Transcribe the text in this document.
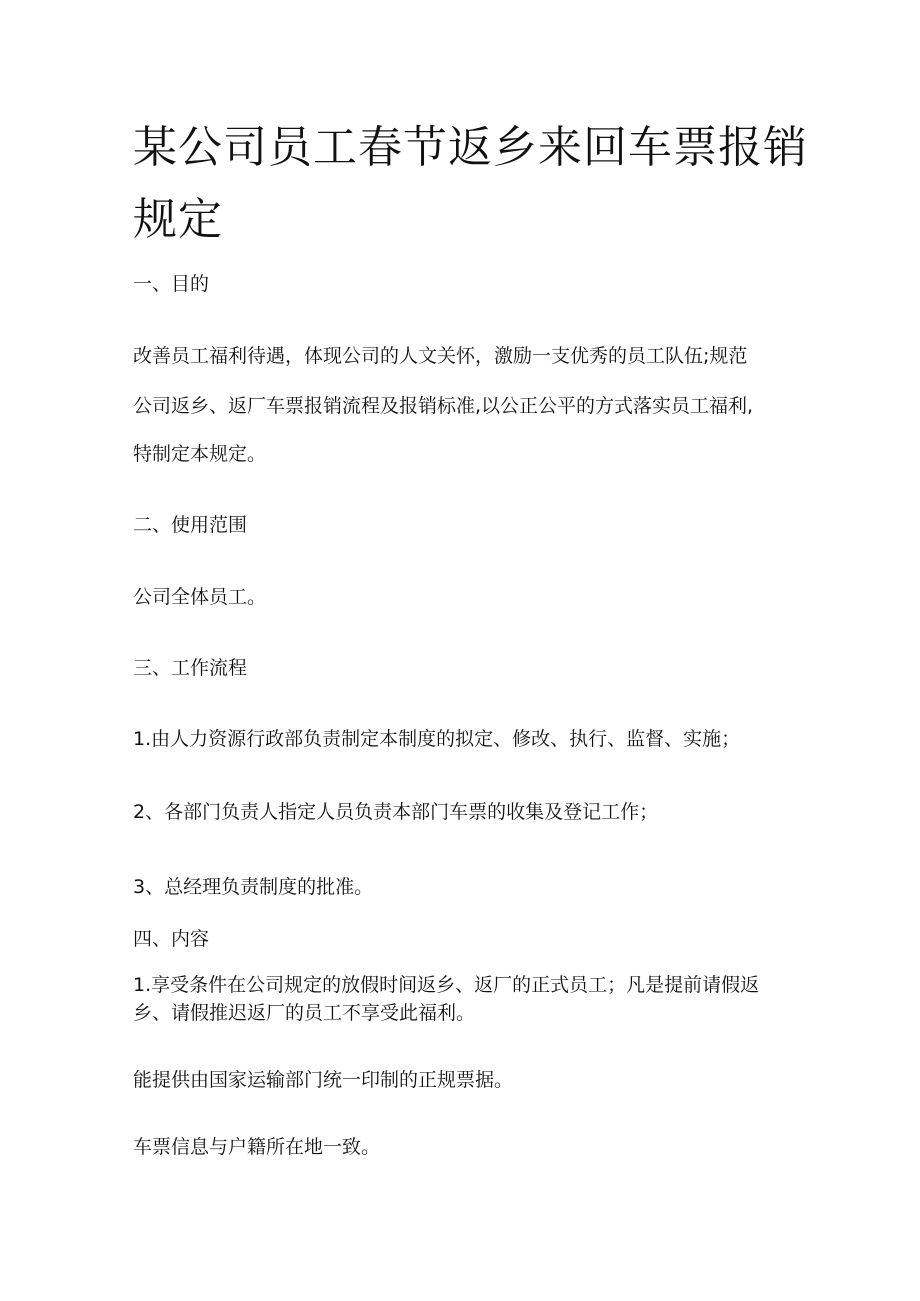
某公司员工春节返乡来回车票报销
规定
一、目的
改善员工福利待遇，体现公司的人文关怀，激励一支优秀的员工队伍;规范
公司返乡、返厂车票报销流程及报销标准,以公正公平的方式落实员工福利,
特制定本规定。
二、使用范围
公司全体员工。
三、工作流程
1.由人力资源行政部负责制定本制度的拟定、修改、执行、监督、实施；
2、各部门负责人指定人员负责本部门车票的收集及登记工作；
3、总经理负责制度的批准。
四、内容
1.享受条件在公司规定的放假时间返乡、返厂的正式员工；凡是提前请假返
乡、请假推迟返厂的员工不享受此福利。
能提供由国家运输部门统一印制的正规票据。
车票信息与户籍所在地一致。
